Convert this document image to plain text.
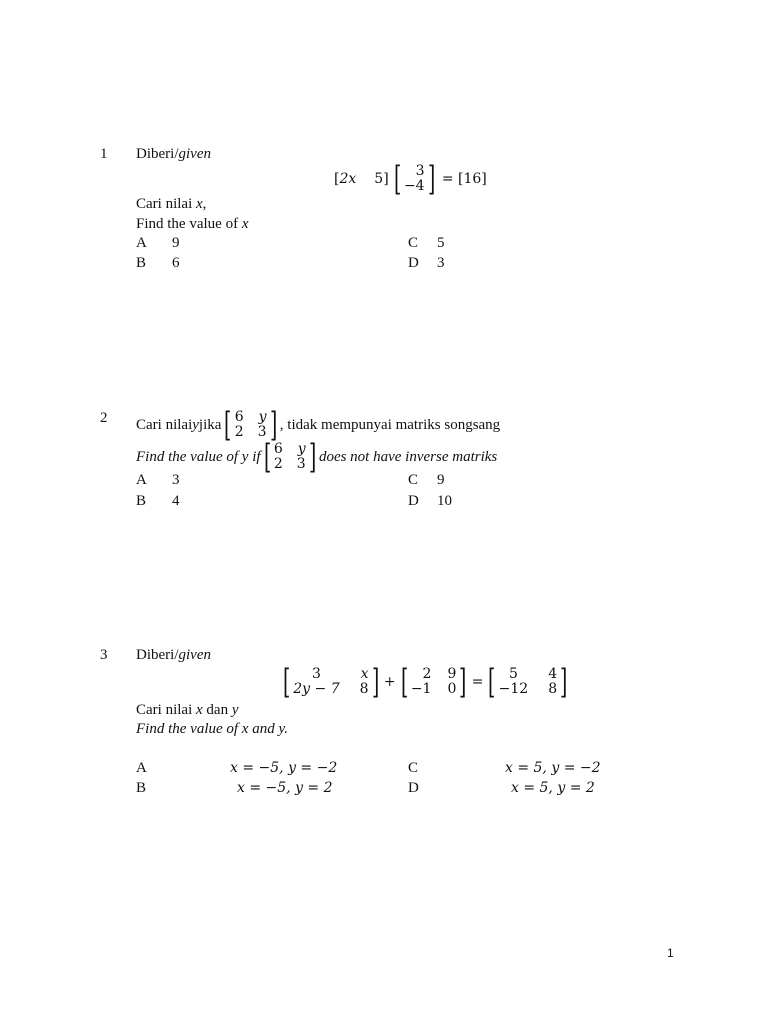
1 Diberi/given
[ 2x 5 ] [	3
−4 ] = [16]
Cari nilai x,
Find the value of x
A 9
B 6
C 5
D 3
2 Cari nilai y jika [ 6 y
2 3 ] , tidak mempunyai matriks songsang
Find the value of y if [ 6 y
2 3 ] does not have inverse matriks
A 3
B 4
C 9
D 10
3 Diberi/given
[	3	x
2y − 7 8 ] + [	2 9
−1 0 ] = [ 5	4
−12 8 ]
Cari nilai x dan y
Find the value of x and y.
A	x = −5, y = −2
B	x = −5, y = 2
C	x = 5, y = −2
D	x = 5, y = 2
1
